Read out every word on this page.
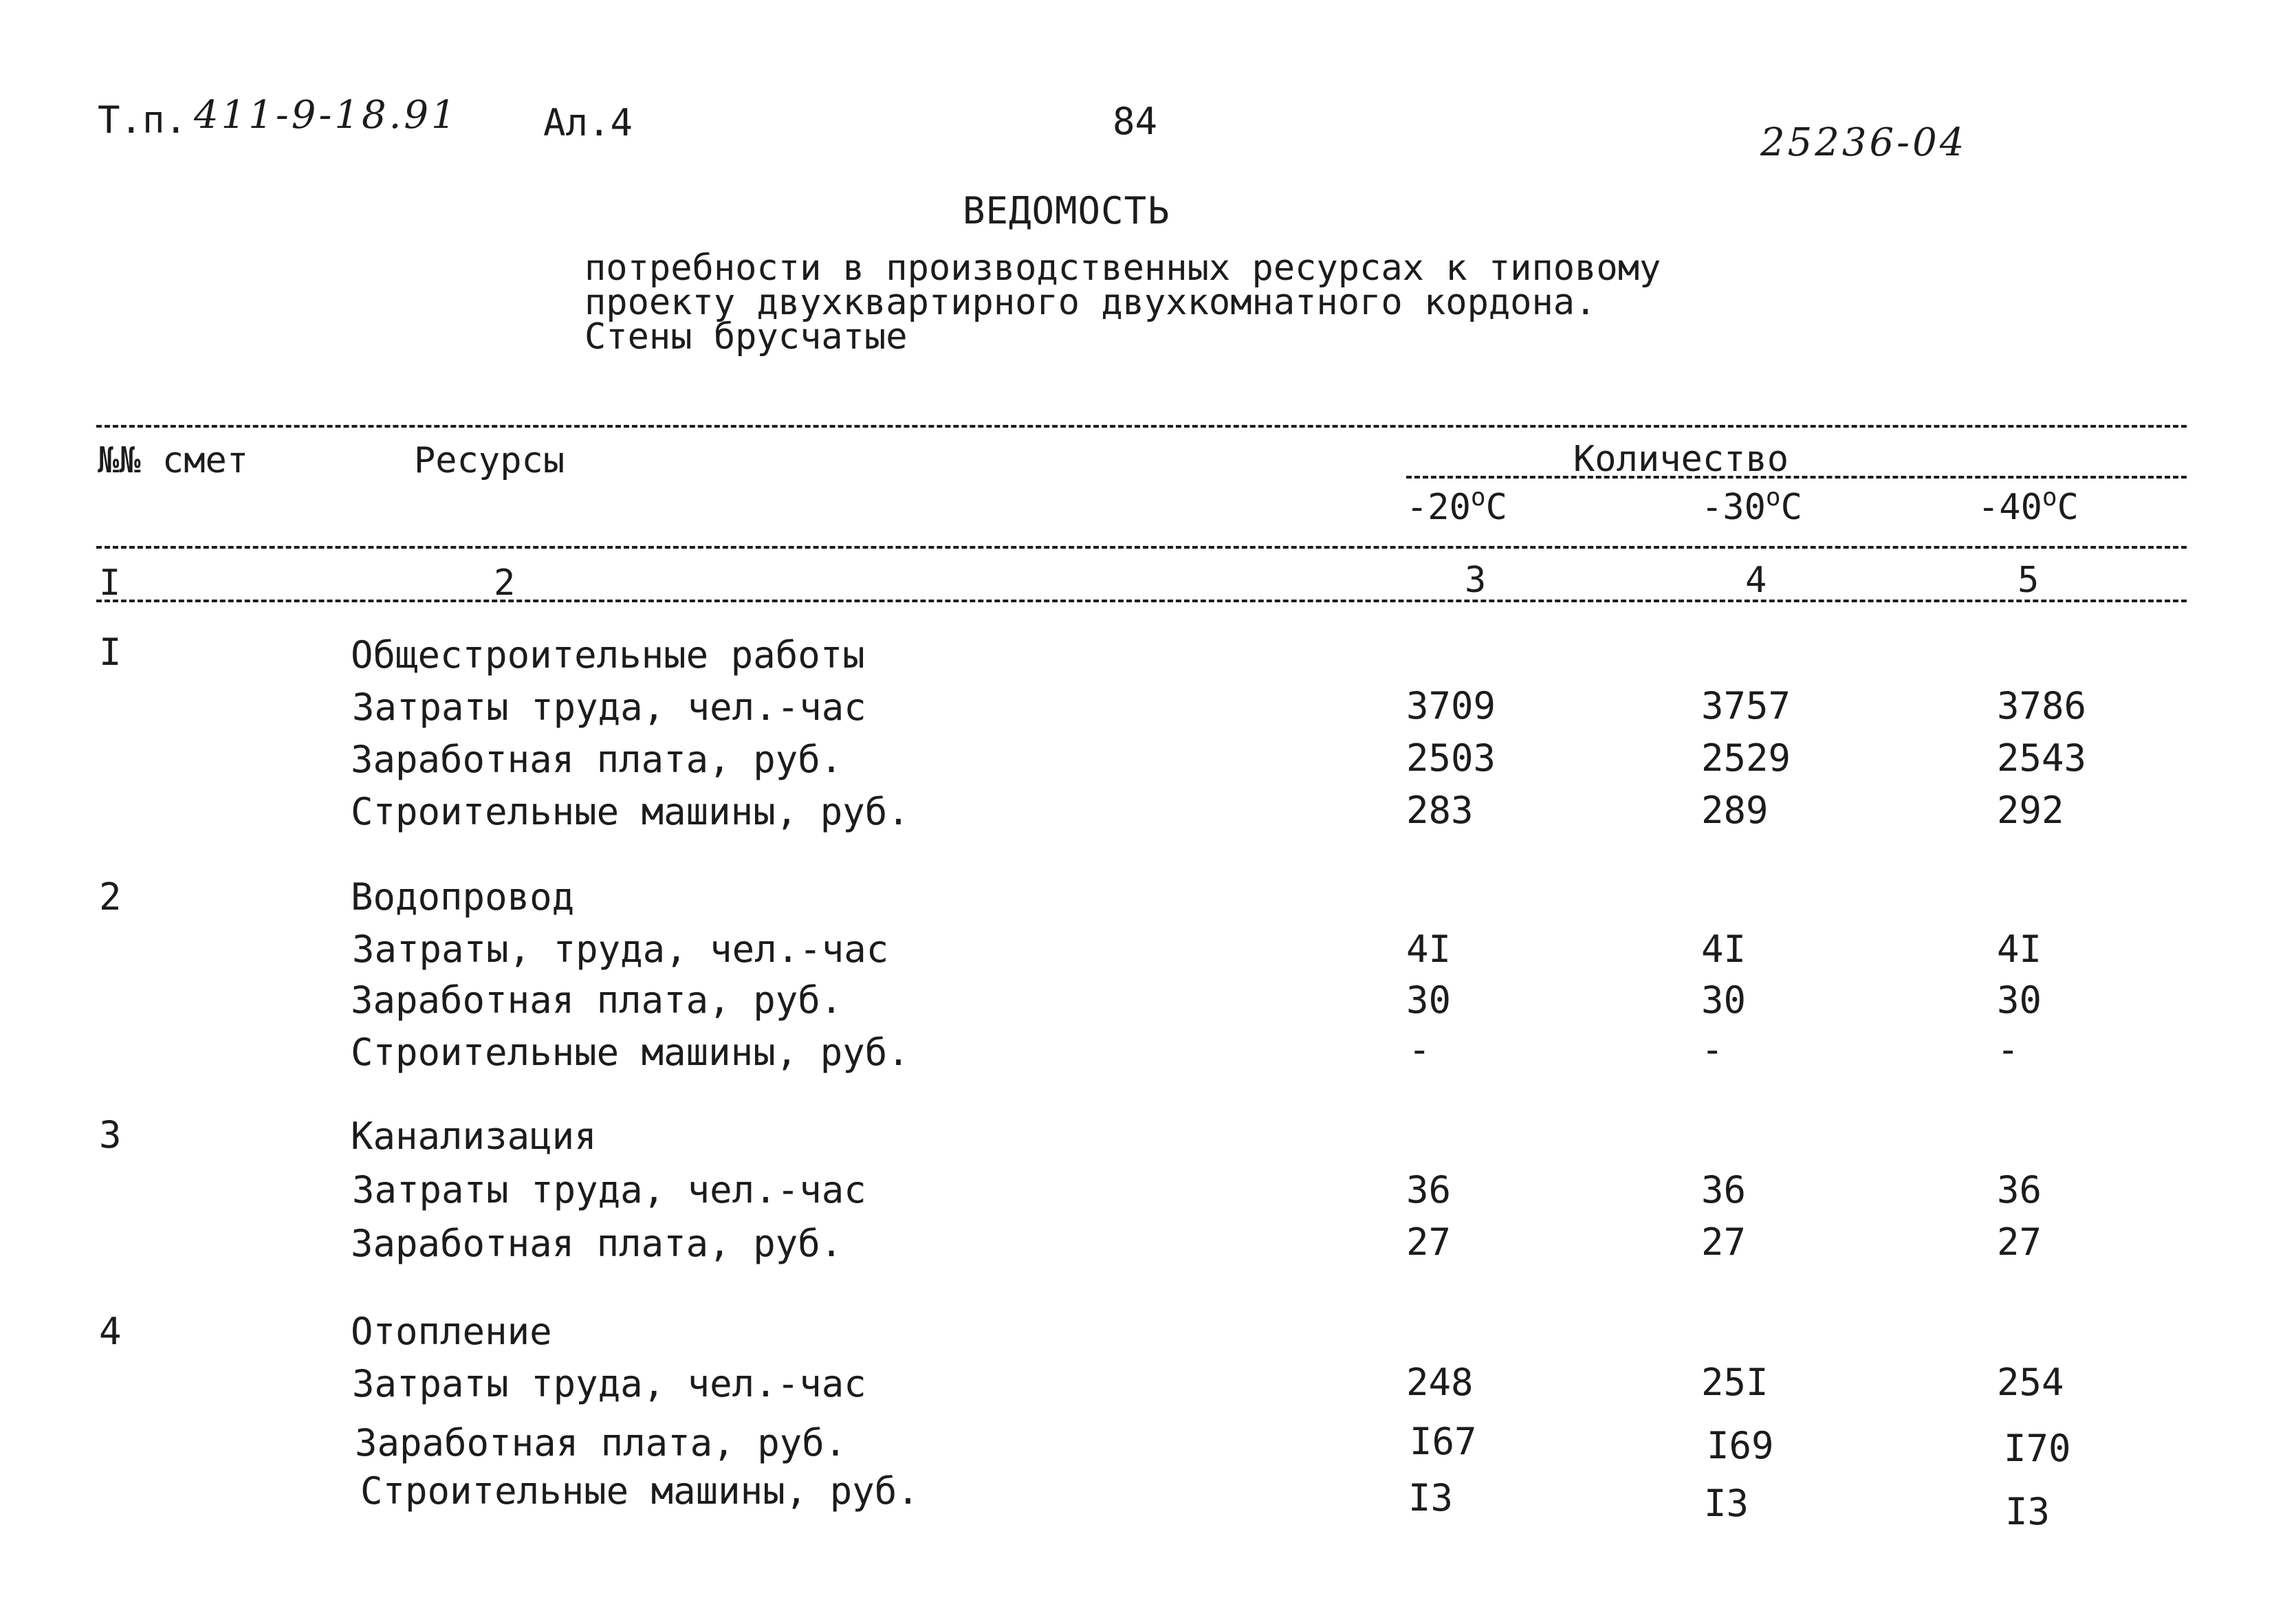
Т.п. 411-9-18.91 Ал.4	84	25236-04
ВЕДОМОСТЬ
потребности в производственных ресурсах к типовому
проекту двухквартирного двухкомнатного кордона.
Стены брусчатые
№№ смет	Ресурсы	Количество
-20$^o$C	-30$^o$C	-40$^o$C
I	2	3	4	5
I	Общестроительные работы
Затраты труда, чел.-час	3709	3757	3786
Заработная плата, руб.	2503	2529	2543
Строительные машины, руб.	283	289	292
2	Водопровод
Затраты, труда, чел.-час	4I	4I	4I
Заработная плата, руб.	30	30	30
Строительные машины, руб.	-	-	-
3	Канализация
Затраты труда, чел.-час	36	36	36
Заработная плата, руб.	27	27	27
4	Отопление
Затраты труда, чел.-час	248	25I	254
Заработная плата, руб.	I67	I69	I70
Строительные машины, руб.	I3	I3	I3
